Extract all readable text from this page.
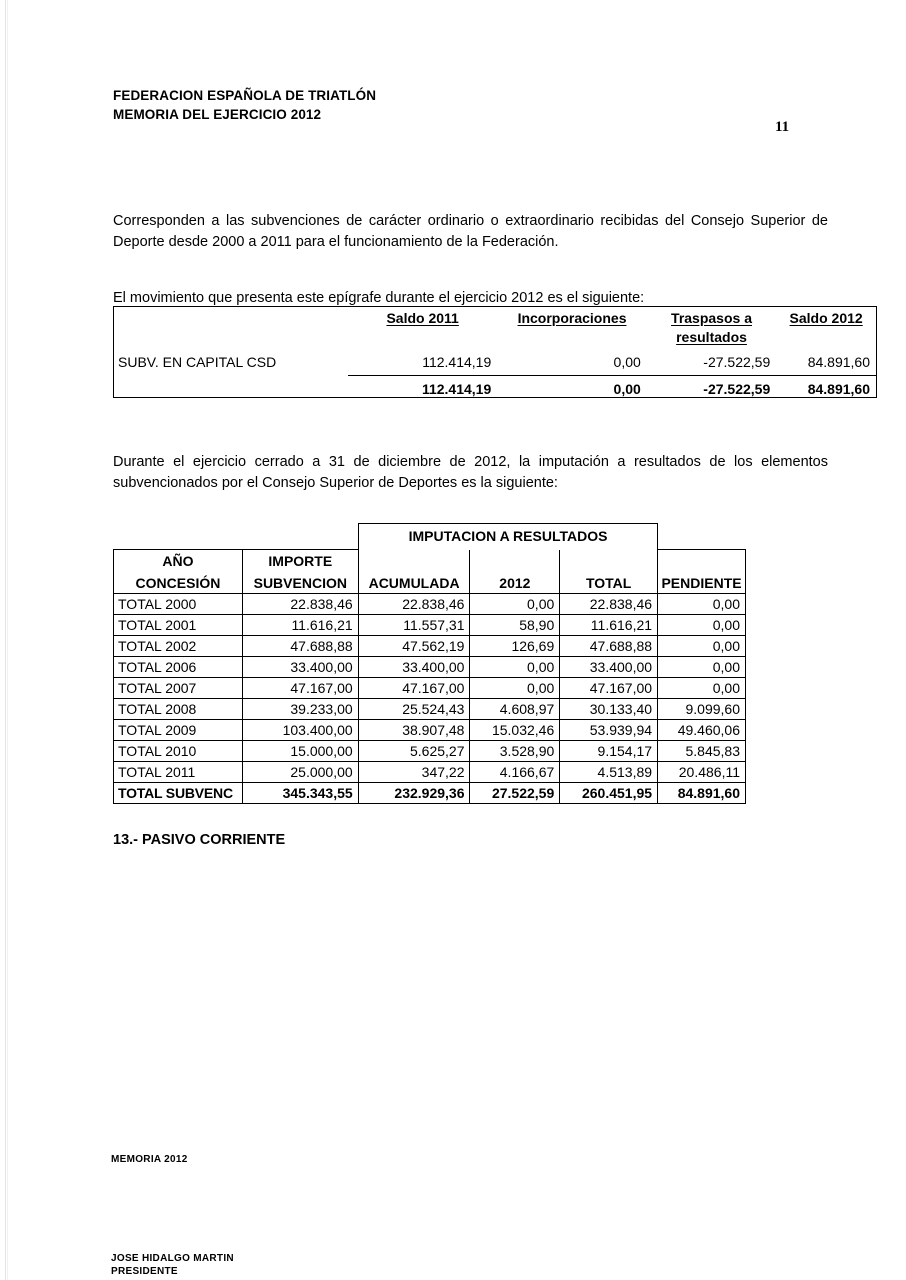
FEDERACION ESPAÑOLA DE TRIATLÓN
MEMORIA DEL EJERCICIO 2012
11
Corresponden a las subvenciones de carácter ordinario o extraordinario recibidas del Consejo Superior de Deporte desde 2000 a 2011 para el funcionamiento de la Federación.
El movimiento que presenta este epígrafe durante el ejercicio 2012 es el siguiente:
	Saldo 2011	Incorporaciones	Traspasos a	Saldo 2012
			resultados	
SUBV. EN CAPITAL CSD	112.414,19	0,00	-27.522,59	84.891,60
	112.414,19	0,00	-27.522,59	84.891,60
Durante el ejercicio cerrado a 31 de diciembre de 2012, la imputación a resultados de los elementos subvencionados por el Consejo Superior de Deportes es la siguiente:
IMPUTACION A RESULTADOS
AÑO	IMPORTE				
CONCESIÓN	SUBVENCION	ACUMULADA	2012	TOTAL	PENDIENTE
TOTAL 2000	22.838,46	22.838,46	0,00	22.838,46	0,00
TOTAL 2001	11.616,21	11.557,31	58,90	11.616,21	0,00
TOTAL 2002	47.688,88	47.562,19	126,69	47.688,88	0,00
TOTAL 2006	33.400,00	33.400,00	0,00	33.400,00	0,00
TOTAL 2007	47.167,00	47.167,00	0,00	47.167,00	0,00
TOTAL 2008	39.233,00	25.524,43	4.608,97	30.133,40	9.099,60
TOTAL 2009	103.400,00	38.907,48	15.032,46	53.939,94	49.460,06
TOTAL 2010	15.000,00	5.625,27	3.528,90	9.154,17	5.845,83
TOTAL 2011	25.000,00	347,22	4.166,67	4.513,89	20.486,11
TOTAL SUBVENC	345.343,55	232.929,36	27.522,59	260.451,95	84.891,60
13.- PASIVO CORRIENTE
MEMORIA 2012
JOSE HIDALGO MARTIN
PRESIDENTE
